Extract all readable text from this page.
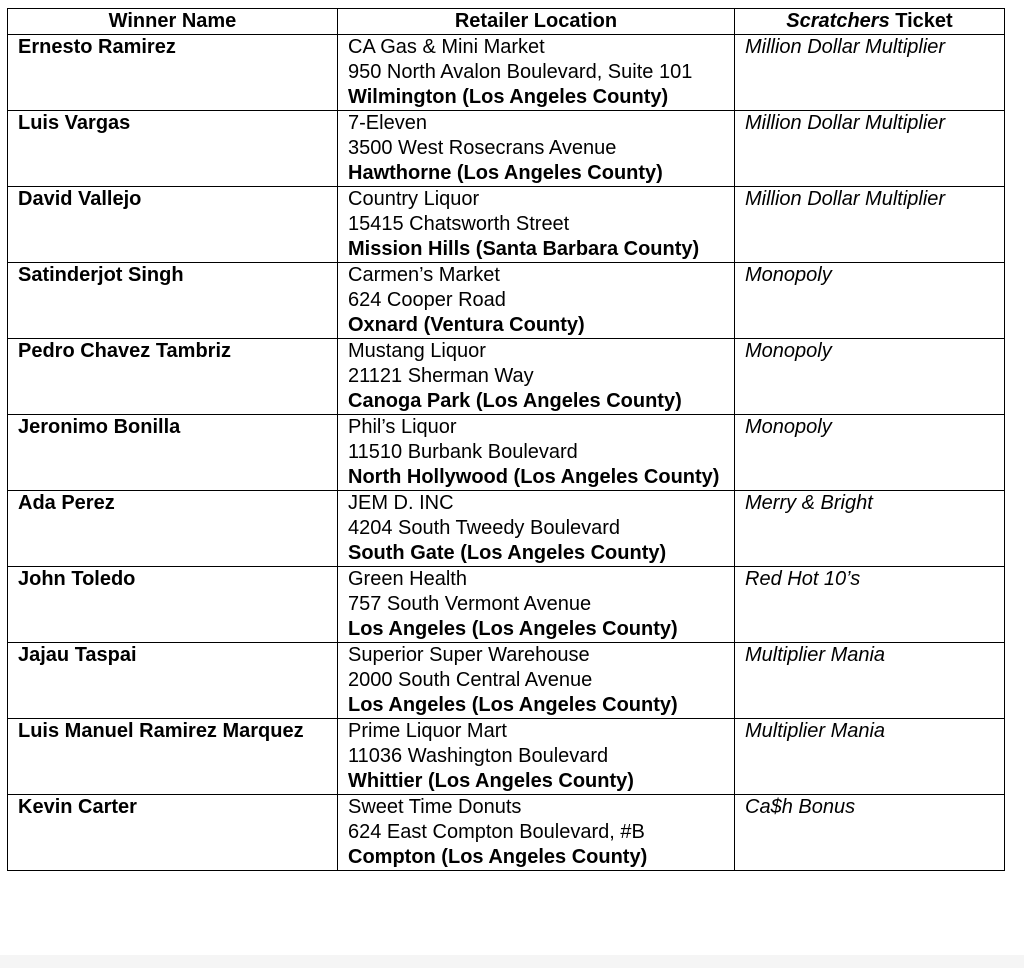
Winner Name	Retailer Location	Scratchers Ticket
Ernesto Ramirez	CA Gas & Mini Market
950 North Avalon Boulevard, Suite 101
Wilmington (Los Angeles County)	Million Dollar Multiplier
Luis Vargas	7-Eleven
3500 West Rosecrans Avenue
Hawthorne (Los Angeles County)	Million Dollar Multiplier
David Vallejo	Country Liquor
15415 Chatsworth Street
Mission Hills (Santa Barbara County)	Million Dollar Multiplier
Satinderjot Singh	Carmen’s Market
624 Cooper Road
Oxnard (Ventura County)	Monopoly
Pedro Chavez Tambriz	Mustang Liquor
21121 Sherman Way
Canoga Park (Los Angeles County)	Monopoly
Jeronimo Bonilla	Phil’s Liquor
11510 Burbank Boulevard
North Hollywood (Los Angeles County)	Monopoly
Ada Perez	JEM D. INC
4204 South Tweedy Boulevard
South Gate (Los Angeles County)	Merry & Bright
John Toledo	Green Health
757 South Vermont Avenue
Los Angeles (Los Angeles County)	Red Hot 10’s
Jajau Taspai	Superior Super Warehouse
2000 South Central Avenue
Los Angeles (Los Angeles County)	Multiplier Mania
Luis Manuel Ramirez Marquez	Prime Liquor Mart
11036 Washington Boulevard
Whittier (Los Angeles County)	Multiplier Mania
Kevin Carter	Sweet Time Donuts
624 East Compton Boulevard, #B
Compton (Los Angeles County)	Ca$h Bonus
